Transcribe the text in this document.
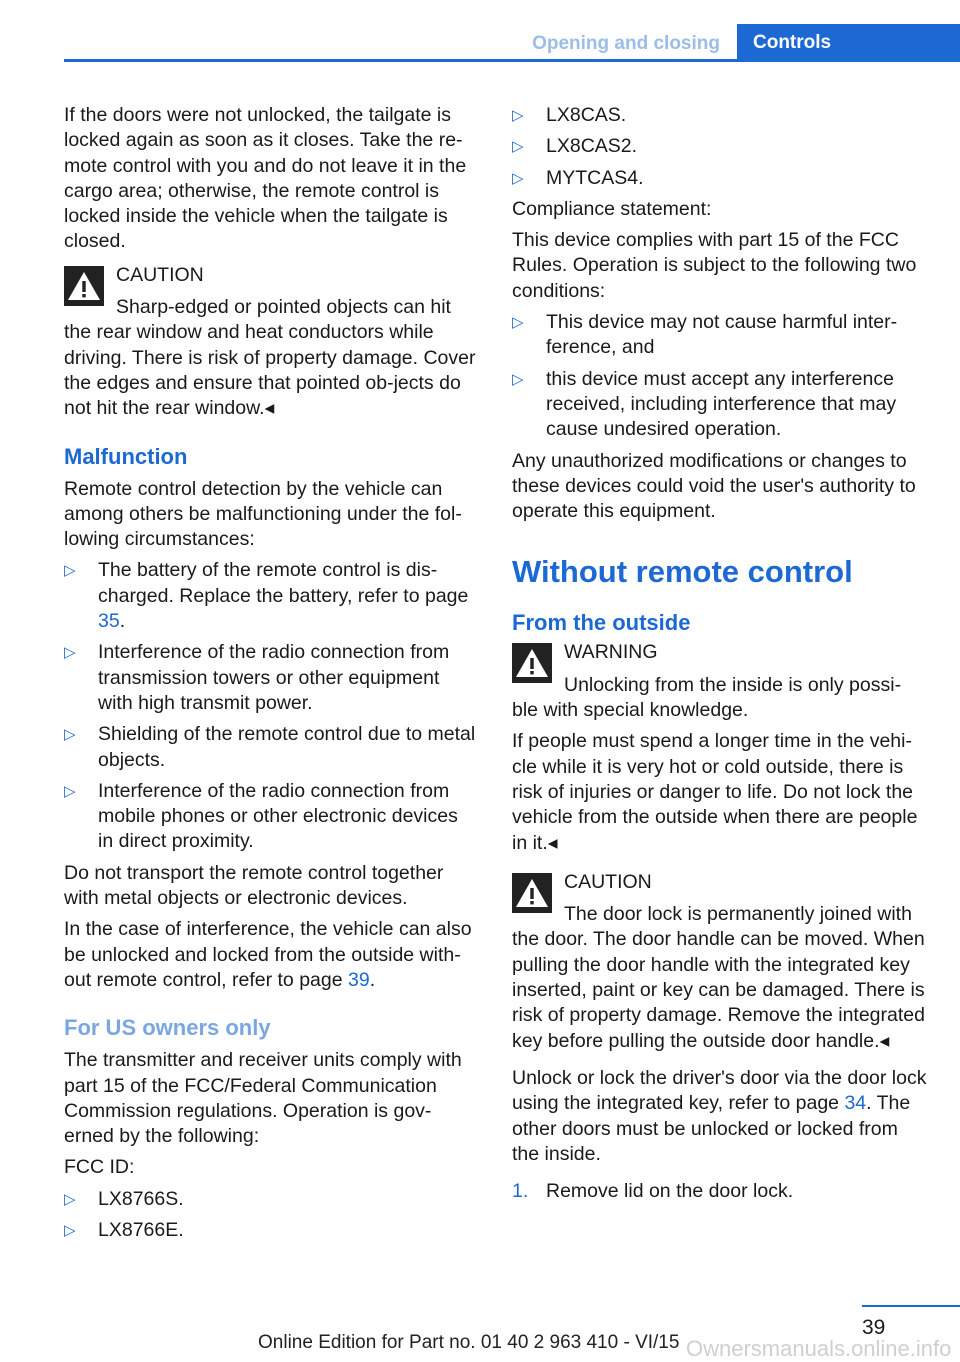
Opening and closing	Controls

If the doors were not unlocked, the tailgate is locked again as soon as it closes. Take the re-mote control with you and do not leave it in the cargo area; otherwise, the remote control is locked inside the vehicle when the tailgate is closed.

CAUTION
Sharp-edged or pointed objects can hit
the rear window and heat conductors while driving. There is risk of property damage. Cover the edges and ensure that pointed ob-jects do not hit the rear window.◂
Malfunction

Remote control detection by the vehicle can among others be malfunctioning under the fol-lowing circumstances:

▷ The battery of the remote control is dis-charged. Replace the battery, refer to page 35.
▷ Interference of the radio connection from transmission towers or other equipment with high transmit power.
▷ Shielding of the remote control due to metal objects.
▷ Interference of the radio connection from mobile phones or other electronic devices in direct proximity.

Do not transport the remote control together with metal objects or electronic devices.

In the case of interference, the vehicle can also be unlocked and locked from the outside with-out remote control, refer to page 39.

For US owners only

The transmitter and receiver units comply with part 15 of the FCC/Federal Communication Commission regulations. Operation is gov-erned by the following:

FCC ID:

▷ LX8766S.
▷ LX8766E.
▷ LX8CAS.
▷ LX8CAS2.
▷ MYTCAS4.

Compliance statement:

This device complies with part 15 of the FCC Rules. Operation is subject to the following two conditions:

▷ This device may not cause harmful inter-ference, and
▷ this device must accept any interference received, including interference that may cause undesired operation.

Any unauthorized modifications or changes to these devices could void the user's authority to operate this equipment.

Without remote control
From the outside
WARNING
Unlocking from the inside is only possi-
ble with special knowledge.

If people must spend a longer time in the vehi-cle while it is very hot or cold outside, there is risk of injuries or danger to life. Do not lock the vehicle from the outside when there are people in it.◂

CAUTION
The door lock is permanently joined with
the door. The door handle can be moved. When pulling the door handle with the integrated key inserted, paint or key can be damaged. There is risk of property damage. Remove the integrated key before pulling the outside door handle.◂

Unlock or lock the driver's door via the door lock using the integrated key, refer to page 34. The other doors must be unlocked or locked from the inside.

1. Remove lid on the door lock.
39
Online Edition for Part no. 01 40 2 963 410 - VI/15 Ownersmanuals.online.info
